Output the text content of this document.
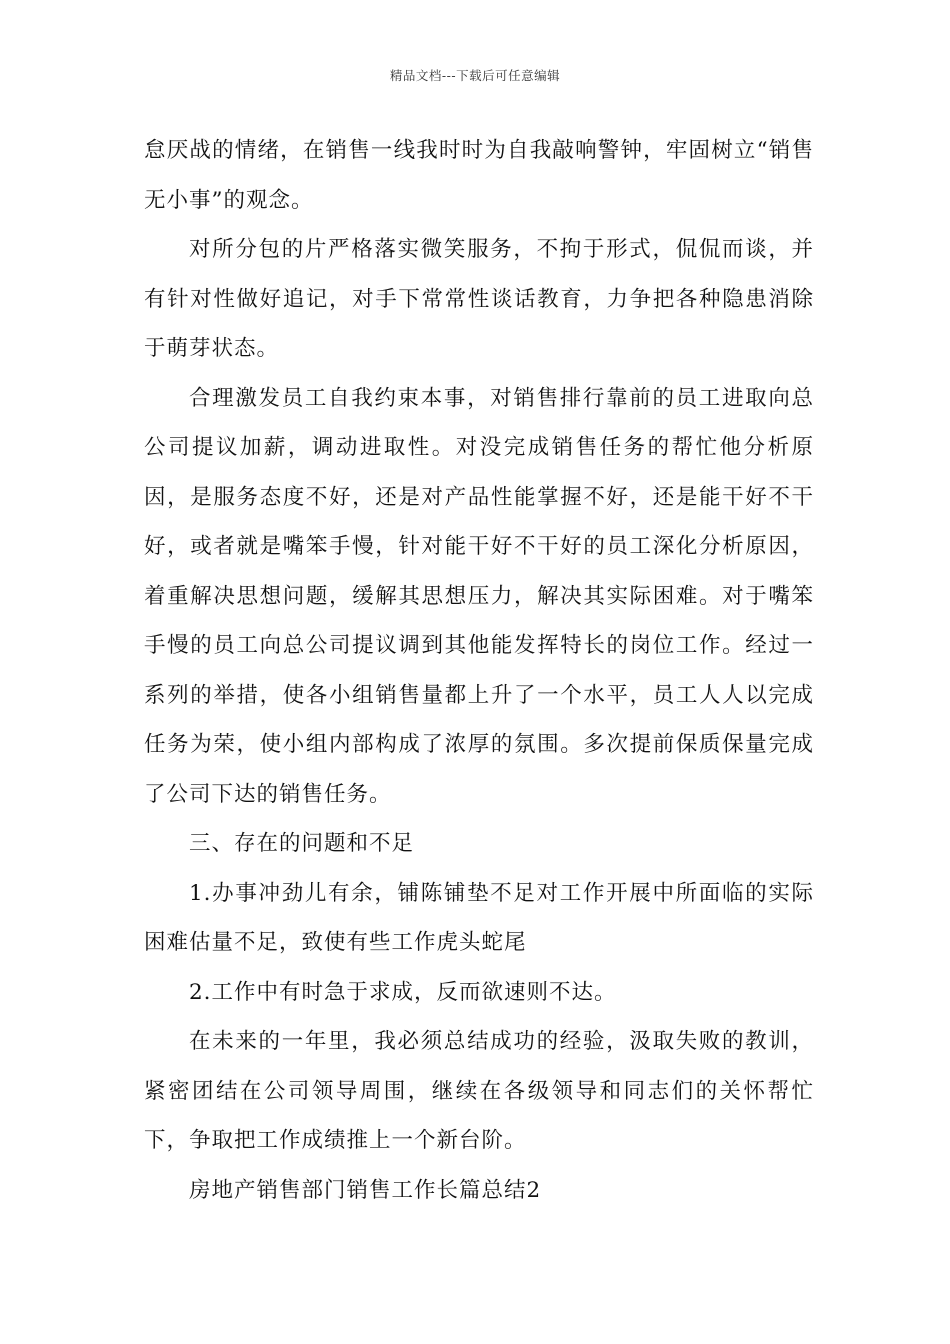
精品文档---下载后可任意编辑

怠厌战的情绪，在销售一线我时时为自我敲响警钟，牢固树立“销售无小事”的观念。

对所分包的片严格落实微笑服务，不拘于形式，侃侃而谈，并有针对性做好追记，对手下常常性谈话教育，力争把各种隐患消除于萌芽状态。

合理激发员工自我约束本事，对销售排行靠前的员工进取向总公司提议加薪，调动进取性。对没完成销售任务的帮忙他分析原因，是服务态度不好，还是对产品性能掌握不好，还是能干好不干好，或者就是嘴笨手慢，针对能干好不干好的员工深化分析原因，着重解决思想问题，缓解其思想压力，解决其实际困难。对于嘴笨手慢的员工向总公司提议调到其他能发挥特长的岗位工作。经过一系列的举措，使各小组销售量都上升了一个水平，员工人人以完成任务为荣，使小组内部构成了浓厚的氛围。多次提前保质保量完成了公司下达的销售任务。

三、存在的问题和不足

1.办事冲劲儿有余，铺陈铺垫不足对工作开展中所面临的实际困难估量不足，致使有些工作虎头蛇尾

2.工作中有时急于求成，反而欲速则不达。

在未来的一年里，我必须总结成功的经验，汲取失败的教训，紧密团结在公司领导周围，继续在各级领导和同志们的关怀帮忙下，争取把工作成绩推上一个新台阶。

房地产销售部门销售工作长篇总结2
